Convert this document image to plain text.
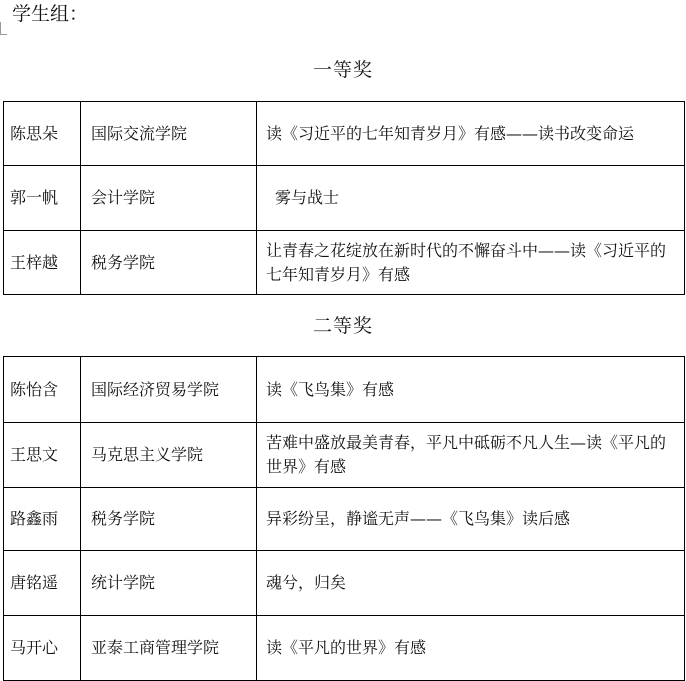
学生组：
一等奖
陈思朵	国际交流学院	读《习近平的七年知青岁月》有感——读书改变命运
郭一帆	会计学院	雾与战士
王梓越	税务学院	让青春之花绽放在新时代的不懈奋斗中——读《习近平的七年知青岁月》有感
二等奖
陈怡含	国际经济贸易学院	读《飞鸟集》有感
王思文	马克思主义学院	苦难中盛放最美青春，平凡中砥砺不凡人生—读《平凡的世界》有感
路鑫雨	税务学院	异彩纷呈，静谧无声——《飞鸟集》读后感
唐铭遥	统计学院	魂兮，归矣
马开心	亚泰工商管理学院	读《平凡的世界》有感
